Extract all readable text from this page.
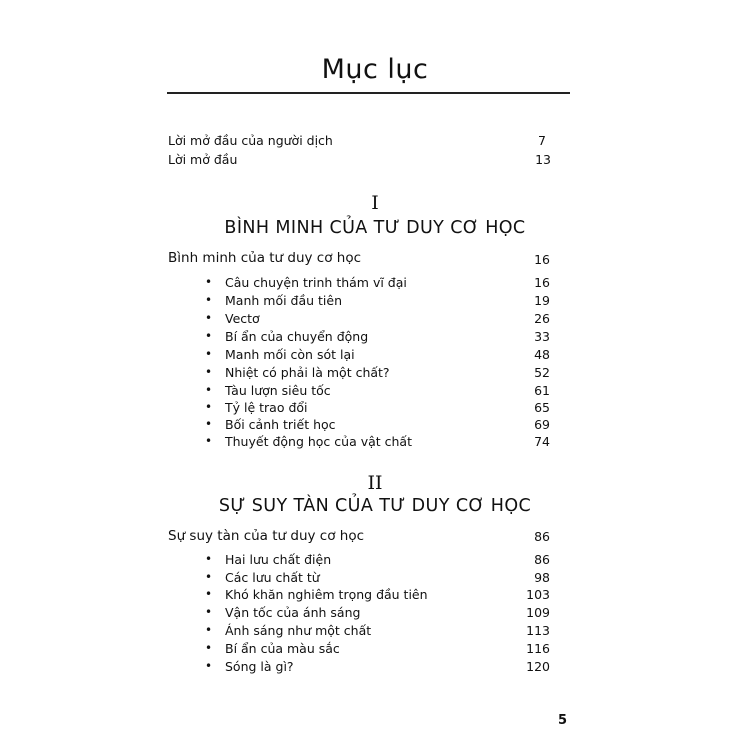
Mục lục
Lời mở đầu của người dịch	7
Lời mở đầu	13
I
BÌNH MINH CỦA TƯ DUY CƠ HỌC
Bình minh của tư duy cơ học	16
• Câu chuyện trinh thám vĩ đại	16
• Manh mối đầu tiên	19
• Vectơ	26
• Bí ẩn của chuyển động	33
• Manh mối còn sót lại	48
• Nhiệt có phải là một chất?	52
• Tàu lượn siêu tốc	61
• Tỷ lệ trao đổi	65
• Bối cảnh triết học	69
• Thuyết động học của vật chất	74
II
SỰ SUY TÀN CỦA TƯ DUY CƠ HỌC
Sự suy tàn của tư duy cơ học	86
• Hai lưu chất điện	86
• Các lưu chất từ	98
• Khó khăn nghiêm trọng đầu tiên	103
• Vận tốc của ánh sáng	109
• Ánh sáng như một chất	113
• Bí ẩn của màu sắc	116
• Sóng là gì?	120
5
